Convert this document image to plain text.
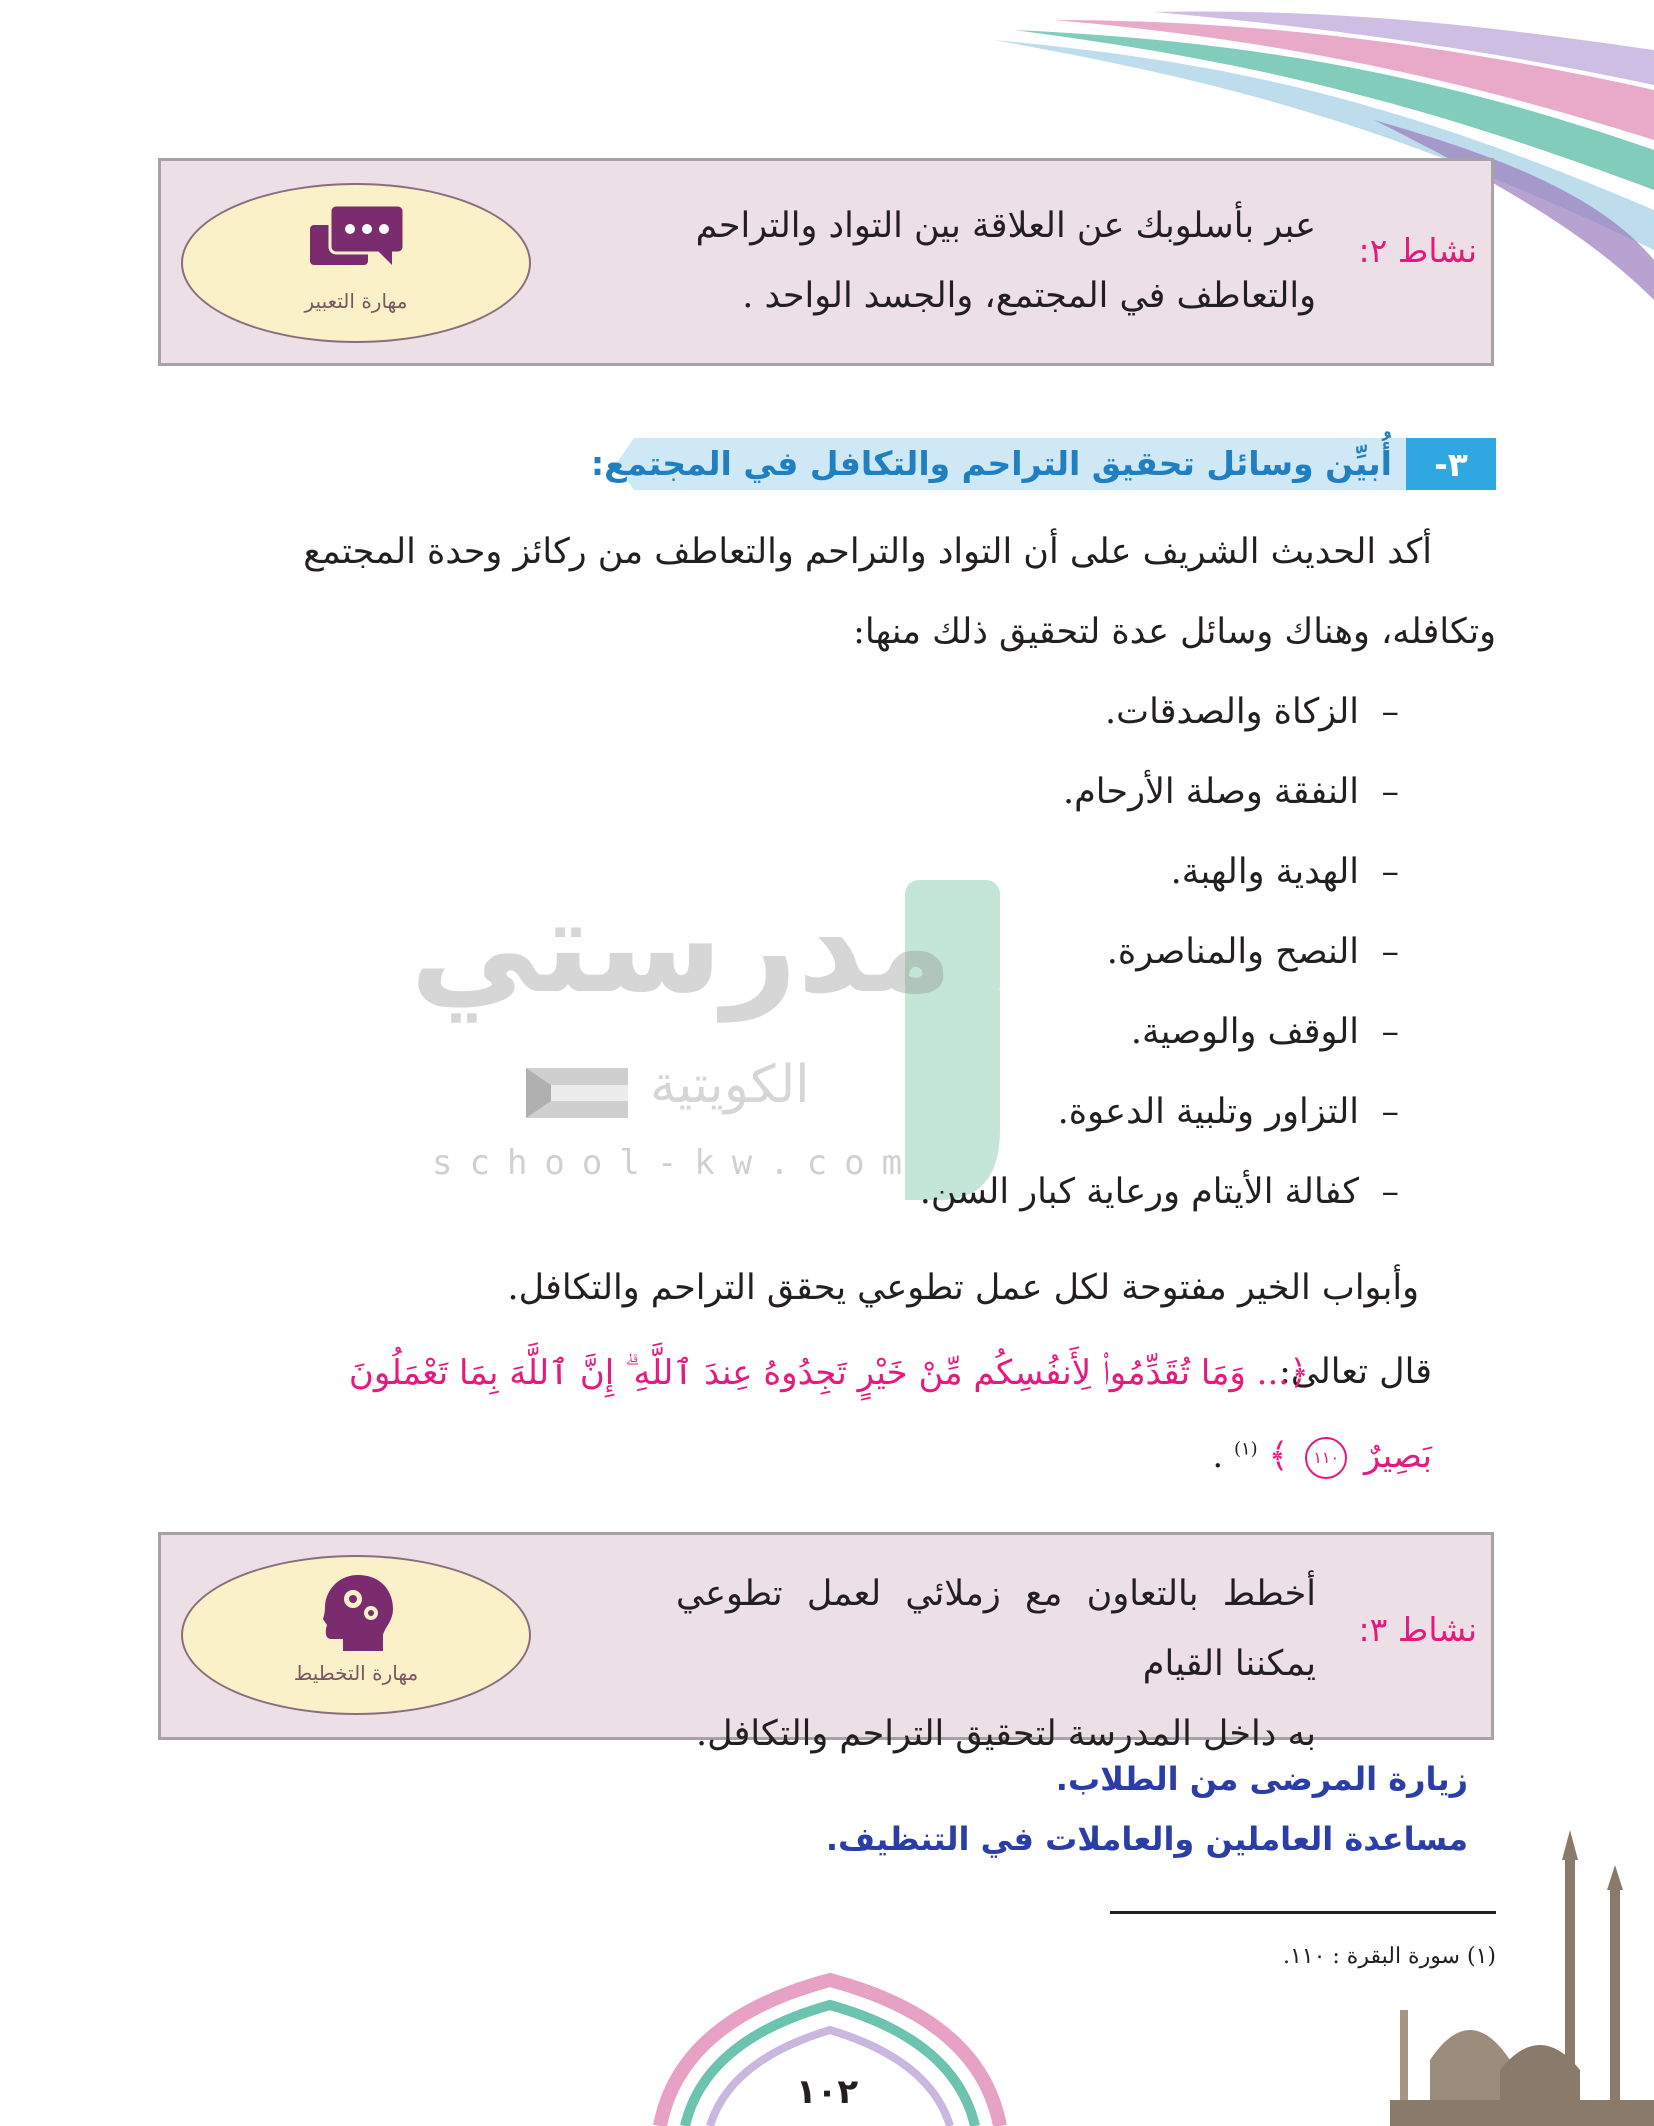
نشاط ٢:
عبر بأسلوبك عن العلاقة بين التواد والتراحم
والتعاطف في المجتمع، والجسد الواحد .
مهارة التعبير
٣-
أُبيِّن وسائل تحقيق التراحم والتكافل في المجتمع:
مدرستي
الكويتية
school-kw.com
أكد الحديث الشريف على أن التواد والتراحم والتعاطف من ركائز وحدة المجتمع
وتكافله، وهناك وسائل عدة لتحقيق ذلك منها:
–الزكاة والصدقات.
–النفقة وصلة الأرحام.
–الهدية والهبة.
–النصح والمناصرة.
–الوقف والوصية.
–التزاور وتلبية الدعوة.
–كفالة الأيتام ورعاية كبار السن.
وأبواب الخير مفتوحة لكل عمل تطوعي يحقق التراحم والتكافل.
قال تعالى:
﴿... وَمَا تُقَدِّمُوا۟ لِأَنفُسِكُم مِّنْ خَيْرٍ تَجِدُوهُ عِندَ ٱللَّهِ ۗ إِنَّ ٱللَّهَ بِمَا تَعْمَلُونَ
بَصِيرٌ ١١٠ ﴾ $^{(١)}$ .
نشاط ٣:
أخطط بالتعاون مع زملائي لعمل تطوعي يمكننا القيام
به داخل المدرسة لتحقيق التراحم والتكافل.
مهارة التخطيط
زيارة المرضى من الطلاب.
مساعدة العاملين والعاملات في التنظيف.
(١) سورة البقرة : ١١٠.
١٠٢
